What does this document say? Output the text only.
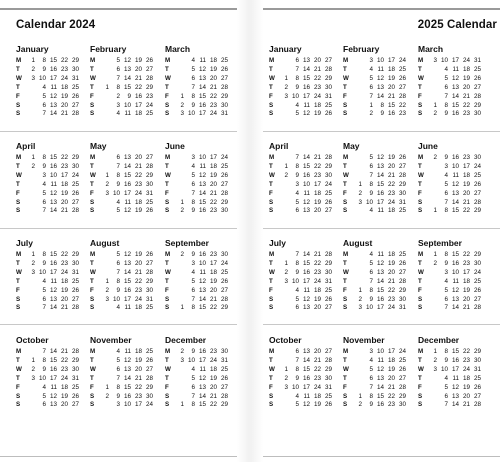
Calendar 2024
January
M	1	8 15 22 29
T	2	9 16 23 30
W	3 10 17 24 31
T	4 11 18 25
F	5 12 19 26
S	6 13 20 27
S	7 14 21 28
February
M	5 12 19 26
T	6 13 20 27
W	7 14 21 28
T	1	8 15 22 29
F	2	9 16 23
S	3 10 17 24
S	4 11 18 25
March
M	4 11 18 25
T	5 12 19 26
W	6 13 20 27
T	7 14 21 28
F	1	8 15 22 29
S	2	9 16 23 30
S	3 10 17 24 31
April
M	1	8 15 22 29
T	2	9 16 23 30
W	3 10 17 24
T	4 11 18 25
F	5 12 19 26
S	6 13 20 27
S	7 14 21 28
May
M	6 13 20 27
T	7 14 21 28
W	1	8 15 22 29
T	2	9 16 23 30
F	3 10 17 24 31
S	4 11 18 25
S	5 12 19 26
June
M	3 10 17 24
T	4 11 18 25
W	5 12 19 26
T	6 13 20 27
F	7 14 21 28
S	1	8 15 22 29
S	2	9 16 23 30
July
M	1	8 15 22 29
T	2	9 16 23 30
W	3 10 17 24 31
T	4 11 18 25
F	5 12 19 26
S	6 13 20 27
S	7 14 21 28
August
M	5 12 19 26
T	6 13 20 27
W	7 14 21 28
T	1	8 15 22 29
F	2	9 16 23 30
S	3 10 17 24 31
S	4 11 18 25
September
M	2	9 16 23 30
T	3 10 17 24
W	4 11 18 25
T	5 12 19 26
F	6 13 20 27
S	7 14 21 28
S	1	8 15 22 29
October
M	7 14 21 28
T	1	8 15 22 29
W	2	9 16 23 30
T	3 10 17 24 31
F	4 11 18 25
S	5 12 19 26
S	6 13 20 27
November
M	4 11 18 25
T	5 12 19 26
W	6 13 20 27
T	7 14 21 28
F	1	8 15 22 29
S	2	9 16 23 30
S	3 10 17 24
December
M	2	9 16 23 30
T	3 10 17 24 31
W	4 11 18 25
T	5 12 19 26
F	6 13 20 27
S	7 14 21 28
S	1	8 15 22 29
2025 Calendar
January
M	6 13 20 27
T	7 14 21 28
W	1	8 15 22 29
T	2	9 16 23 30
F	3 10 17 24 31
S	4 11 18 25
S	5 12 19 26
February
M	3 10 17 24
T	4 11 18 25
W	5 12 19 26
T	6 13 20 27
F	7 14 21 28
S	1	8 15 22
S	2	9 16 23
March
M	3 10 17 24 31
T	4 11 18 25
W	5 12 19 26
T	6 13 20 27
F	7 14 21 28
S	1	8 15 22 29
S	2	9 16 23 30
April
M	7 14 21 28
T	1	8 15 22 29
W	2	9 16 23 30
T	3 10 17 24
F	4 11 18 25
S	5 12 19 26
S	6 13 20 27
May
M	5 12 19 26
T	6 13 20 27
W	7 14 21 28
T	1	8 15 22 29
F	2	9 16 23 30
S	3 10 17 24 31
S	4 11 18 25
June
M	2	9 16 23 30
T	3 10 17 24
W	4 11 18 25
T	5 12 19 26
F	6 13 20 27
S	7 14 21 28
S	1	8 15 22 29
July
M	7 14 21 28
T	1	8 15 22 29
W	2	9 16 23 30
T	3 10 17 24 31
F	4 11 18 25
S	5 12 19 26
S	6 13 20 27
August
M	4 11 18 25
T	5 12 19 26
W	6 13 20 27
T	7 14 21 28
F	1	8 15 22 29
S	2	9 16 23 30
S	3 10 17 24 31
September
M	1	8 15 22 29
T	2	9 16 23 30
W	3 10 17 24
T	4 11 18 25
F	5 12 19 26
S	6 13 20 27
S	7 14 21 28
October
M	6 13 20 27
T	7 14 21 28
W	1	8 15 22 29
T	2	9 16 23 30
F	3 10 17 24 31
S	4 11 18 25
S	5 12 19 26
November
M	3 10 17 24
T	4 11 18 25
W	5 12 19 26
T	6 13 20 27
F	7 14 21 28
S	1	8 15 22 29
S	2	9 16 23 30
December
M	1	8 15 22 29
T	2	9 16 23 30
W	3 10 17 24 31
T	4 11 18 25
F	5 12 19 26
S	6 13 20 27
S	7 14 21 28
